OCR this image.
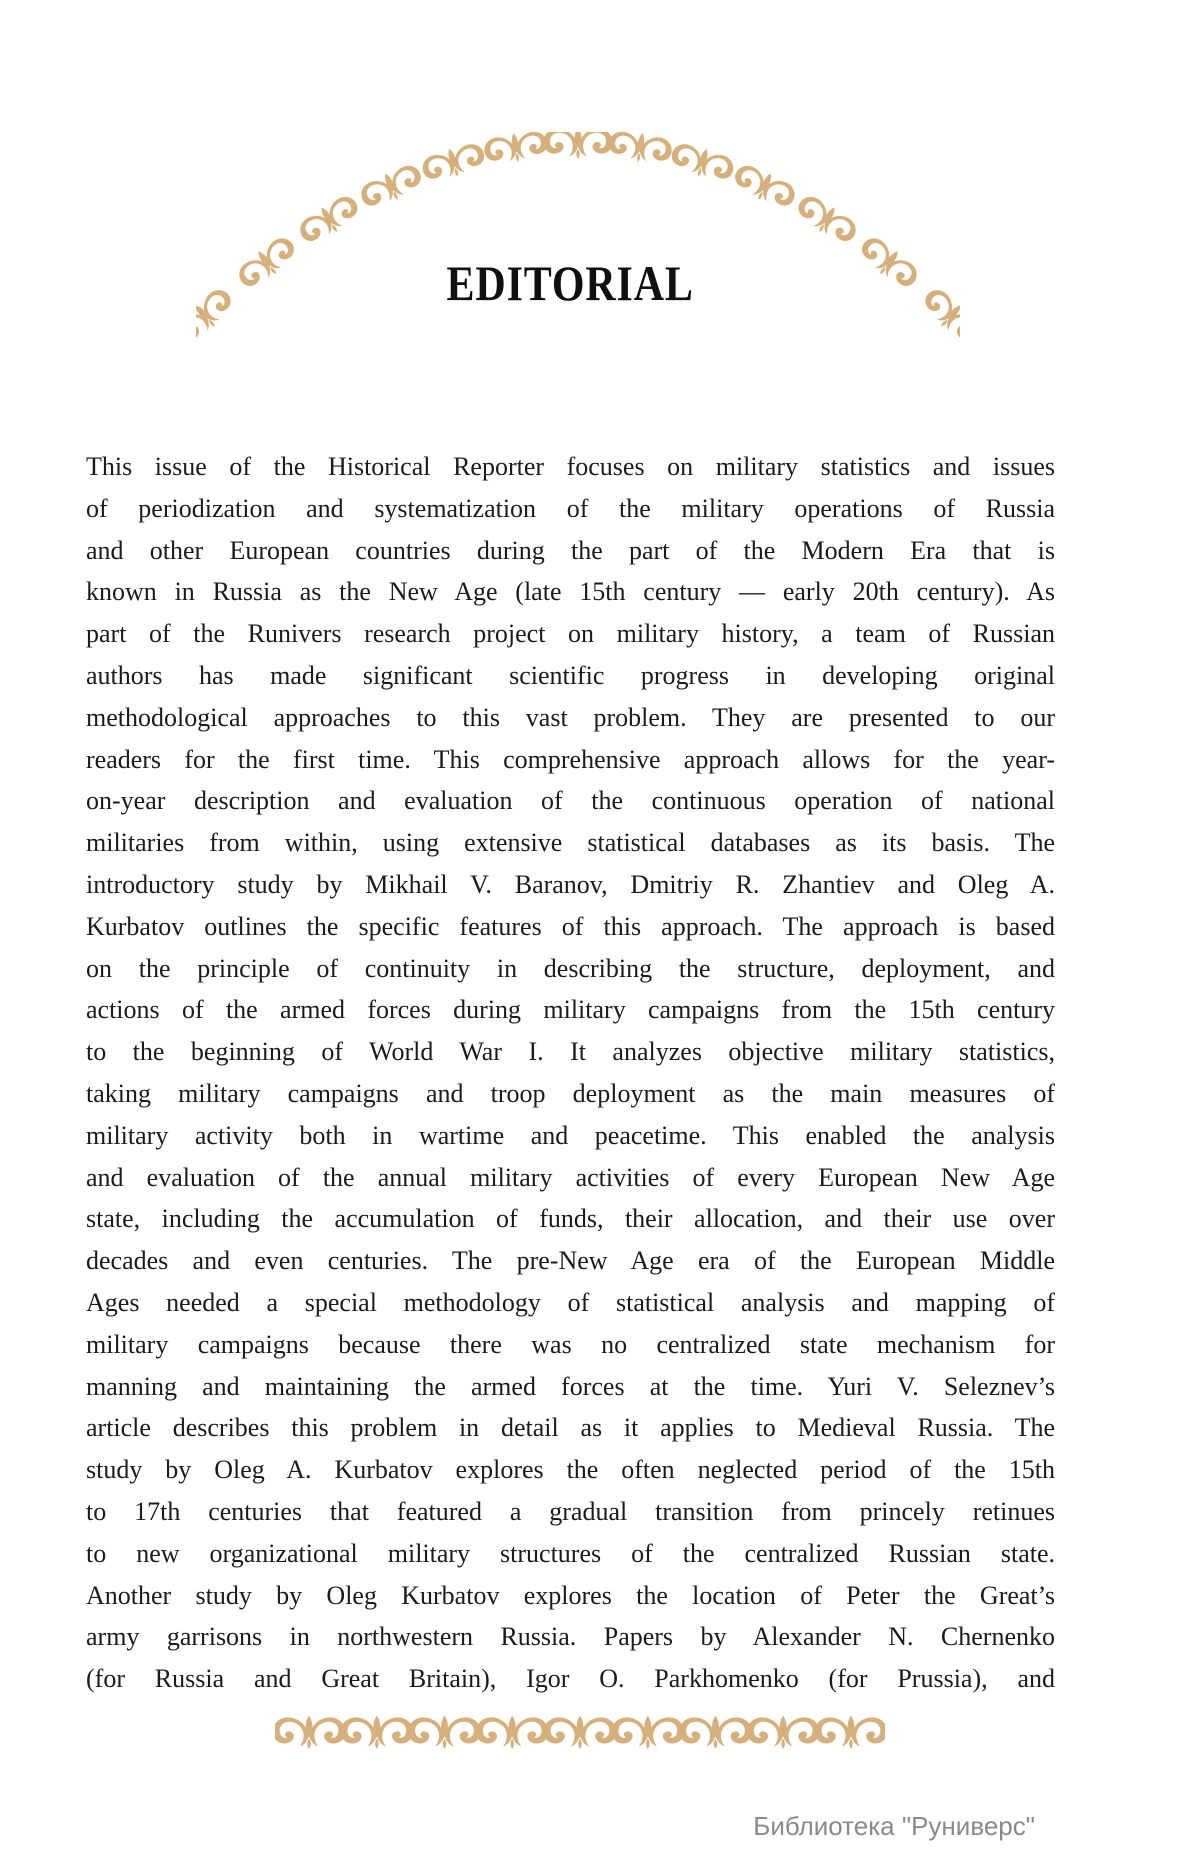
EDITORIAL
This issue of the Historical Reporter focuses on military statistics and issues
of periodization and systematization of the military operations of Russia
and other European countries during the part of the Modern Era that is
known in Russia as the New Age (late 15th century — early 20th century). As
part of the Runivers research project on military history, a team of Russian
authors has made significant scientific progress in developing original
methodological approaches to this vast problem. They are presented to our
readers for the first time. This comprehensive approach allows for the year-
on-year description and evaluation of the continuous operation of national
militaries from within, using extensive statistical databases as its basis. The
introductory study by Mikhail V. Baranov, Dmitriy R. Zhantiev and Oleg A.
Kurbatov outlines the specific features of this approach. The approach is based
on the principle of continuity in describing the structure, deployment, and
actions of the armed forces during military campaigns from the 15th century
to the beginning of World War I. It analyzes objective military statistics,
taking military campaigns and troop deployment as the main measures of
military activity both in wartime and peacetime. This enabled the analysis
and evaluation of the annual military activities of every European New Age
state, including the accumulation of funds, their allocation, and their use over
decades and even centuries. The pre-New Age era of the European Middle
Ages needed a special methodology of statistical analysis and mapping of
military campaigns because there was no centralized state mechanism for
manning and maintaining the armed forces at the time. Yuri V. Seleznev’s
article describes this problem in detail as it applies to Medieval Russia. The
study by Oleg A. Kurbatov explores the often neglected period of the 15th
to 17th centuries that featured a gradual transition from princely retinues
to new organizational military structures of the centralized Russian state.
Another study by Oleg Kurbatov explores the location of Peter the Great’s
army garrisons in northwestern Russia. Papers by Alexander N. Chernenko
(for Russia and Great Britain), Igor O. Parkhomenko (for Prussia), and
Библиотека "Руниверс"
